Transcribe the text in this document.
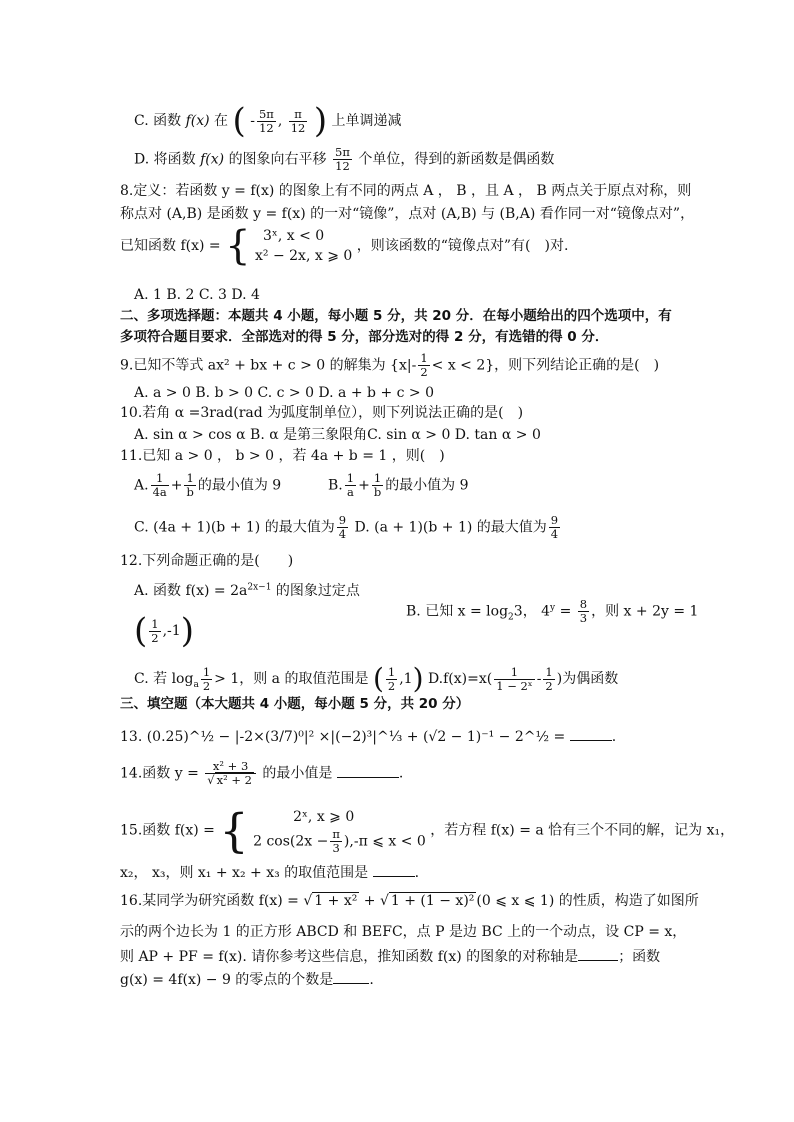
C. 函数 f(x) 在 ( - $\frac{5\pi}{12}$ , $\frac{\pi}{12}$ ) 上单调递减
D. 将函数 f(x) 的图象向右平移 $\frac{5\pi}{12}$ 个单位，得到的新函数是偶函数
8.定义：若函数 y = f(x) 的图象上有不同的两点 A ， B ，且 A ， B 两点关于原点对称，则
称点对 (A,B) 是函数 y = f(x) 的一对“镜像”，点对 (A,B) 与 (B,A) 看作同一对“镜像点对”，
已知函数 f(x) = { 3ˣ, x < 0
x² − 2x, x ⩾ 0
，则该函数的“镜像点对”有(　)对.
A. 1 B. 2 C. 3 D. 4
二、多项选择题：本题共 4 小题，每小题 5 分，共 20 分．在每小题给出的四个选项中，有
多项符合题目要求．全部选对的得 5 分，部分选对的得 2 分，有选错的得 0 分．
9.已知不等式 ax² + bx + c > 0 的解集为 $\{x|- \frac{1}{2} < x < 2\}$，则下列结论正确的是(　)
A. a > 0 B. b > 0 C. c > 0 D. a + b + c > 0
10.若角 α =3rad(rad 为弧度制单位），则下列说法正确的是(　)
A. sin α > cos α B. α 是第三象限角C. sin α > 0 D. tan α > 0
11.已知 a > 0 ， b > 0 ，若 4a + b = 1 ，则(　)
A. $\frac{1}{4a} + \frac{1}{b}$ 的最小值为 9	B. $\frac{1}{a} + \frac{1}{b}$ 的最小值为 9
C. (4a + 1)(b + 1) 的最大值为 $\frac{9}{4} D$. (a + 1)(b + 1) 的最大值为 $\frac{9}{4}$
12.下列命题正确的是(　　)
A. 函数 $f(x) = 2a^{2x-1}$ 的图象过定点
( $\frac{1}{2} ,-1$)	B. 已知 $x = \log_23$， $4^y = \frac{8}{3}$ ，则 x + 2y = 1
C. 若 $\log_a \frac{1}{2} > 1$，则 a 的取值范围是 ( $\frac{1}{2} ,1$) $D.f(x)=x( \frac{1}{\text{1 − 2ˣ}} - \frac{1}{2}$ )为偶函数
三、填空题（本大题共 4 小题，每小题 5 分，共 20 分）
13. (0.25)^½ − |-2×(3/7)⁰|² ×|(−2)³|^⅓ + (√2 − 1)⁻¹ − 2^½ =	.
14.函数 $y = \frac{\text{x² + 3}}{\text{√ x² + 2}}$ 的最小值是	.
15.函数 f(x) = {	2ˣ, x ⩾ 0
2 $\cos(2x - \frac{\pi}{3} ),-\pi$ ⩽ x < 0
，若方程 f(x) = a 恰有三个不同的解，记为 x₁，
x₂， x₃，则 x₁ + x₂ + x₃ 的取值范围是	.
16.某同学为研究函数 f(x) = √ 1 + x² + √ 1 + (1 − x)² (0 ⩽ x ⩽ 1) 的性质，构造了如图所
示的两个边长为 1 的正方形 ABCD 和 BEFC，点 P 是边 BC 上的一个动点，设 CP = x，
则 AP + PF = f(x). 请你参考这些信息，推知函数 f(x) 的图象的对称轴是	；函数
g(x) = 4f(x) − 9 的零点的个数是	.
